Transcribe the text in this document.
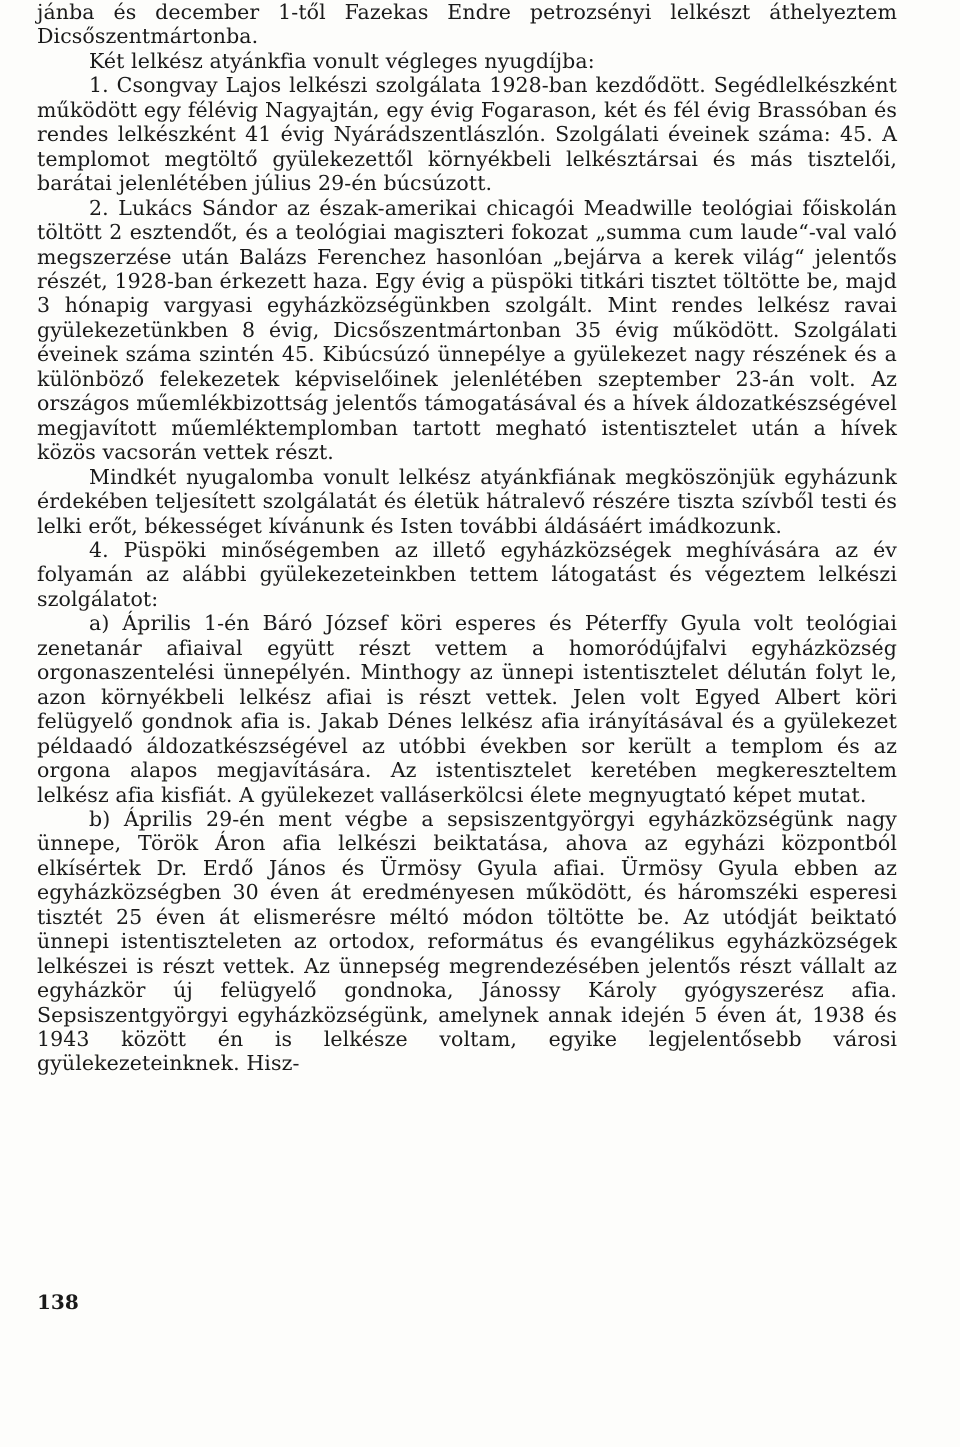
jánba és december 1-től Fazekas Endre petrozsényi lelkészt áthelyeztem Dicsőszentmártonba.

Két lelkész atyánkfia vonult végleges nyugdíjba:

1. Csongvay Lajos lelkészi szolgálata 1928-ban kezdődött. Segédlelkészként működött egy félévig Nagyajtán, egy évig Fogarason, két és fél évig Brassóban és rendes lelkészként 41 évig Nyárádszentlászlón. Szolgálati éveinek száma: 45. A templomot megtöltő gyülekezettől környékbeli lelkésztársai és más tisztelői, barátai jelenlétében július 29-én búcsúzott.

2. Lukács Sándor az észak-amerikai chicagói Meadwille teológiai főiskolán töltött 2 esztendőt, és a teológiai magiszteri fokozat „summa cum laude“-val való megszerzése után Balázs Ferenchez hasonlóan „bejárva a kerek világ“ jelentős részét, 1928-ban érkezett haza. Egy évig a püspöki titkári tisztet töltötte be, majd 3 hónapig vargyasi egyházközségünkben szolgált. Mint rendes lelkész ravai gyülekezetünkben 8 évig, Dicsőszentmártonban 35 évig működött. Szolgálati éveinek száma szintén 45. Kibúcsúzó ünnepélye a gyülekezet nagy részének és a különböző felekezetek képviselőinek jelenlétében szeptember 23-án volt. Az országos műemlékbizottság jelentős támogatásával és a hívek áldozatkészségével megjavított műemléktemplomban tartott megható istentisztelet után a hívek közös vacsorán vettek részt.

Mindkét nyugalomba vonult lelkész atyánkfiának megköszönjük egyházunk érdekében teljesített szolgálatát és életük hátralevő részére tiszta szívből testi és lelki erőt, békességet kívánunk és Isten további áldásáért imádkozunk.

4. Püspöki minőségemben az illető egyházközségek meghívására az év folyamán az alábbi gyülekezeteinkben tettem látogatást és végeztem lelkészi szolgálatot:

a) Április 1-én Báró József köri esperes és Péterffy Gyula volt teológiai zenetanár afiaival együtt részt vettem a homoródújfalvi egyházközség orgonaszentelési ünnepélyén. Minthogy az ünnepi istentisztelet délután folyt le, azon környékbeli lelkész afiai is részt vettek. Jelen volt Egyed Albert köri felügyelő gondnok afia is. Jakab Dénes lelkész afia irányításával és a gyülekezet példaadó áldozatkészségével az utóbbi években sor került a templom és az orgona alapos megjavítására. Az istentisztelet keretében megkereszteltem lelkész afia kisfiát. A gyülekezet valláserkölcsi élete megnyugtató képet mutat.

b) Április 29-én ment végbe a sepsiszentgyörgyi egyházközségünk nagy ünnepe, Török Áron afia lelkészi beiktatása, ahova az egyházi központból elkísértek Dr. Erdő János és Ürmösy Gyula afiai. Ürmösy Gyula ebben az egyházközségben 30 éven át eredményesen működött, és háromszéki esperesi tisztét 25 éven át elismerésre méltó módon töltötte be. Az utódját beiktató ünnepi istentiszteleten az ortodox, református és evangélikus egyházközségek lelkészei is részt vettek. Az ünnepség megrendezésében jelentős részt vállalt az egyházkör új felügyelő gondnoka, Jánossy Károly gyógyszerész afia. Sepsiszentgyörgyi egyházközségünk, amelynek annak idején 5 éven át, 1938 és 1943 között én is lelkésze voltam, egyike legjelentősebb városi gyülekezeteinknek. Hisz-

138
